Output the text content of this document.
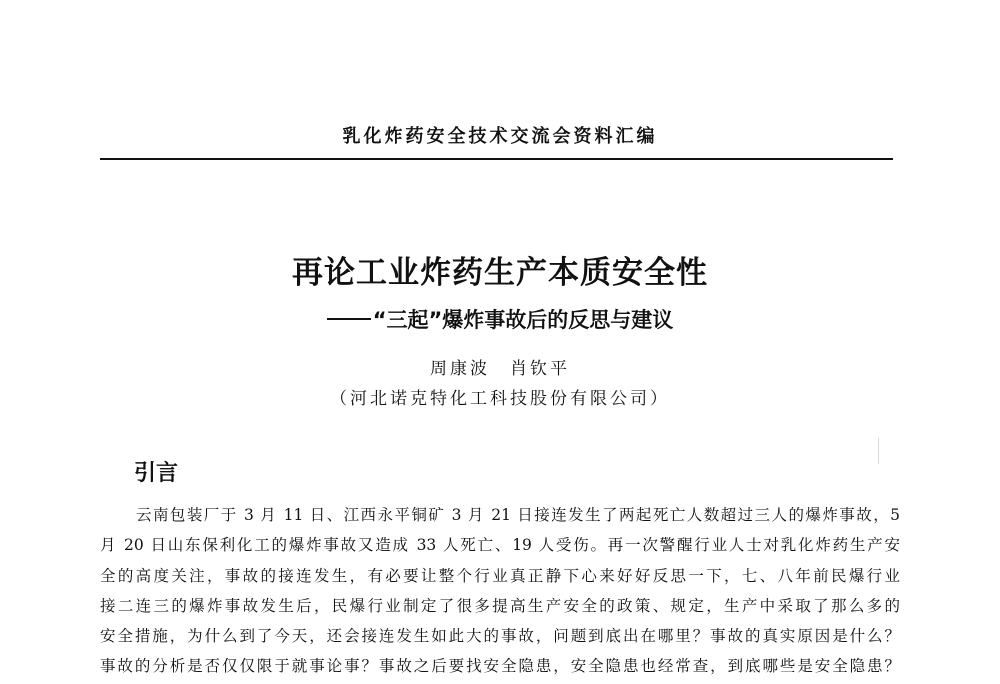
乳化炸药安全技术交流会资料汇编
再论工业炸药生产本质安全性
“三起”爆炸事故后的反思与建议
周康波　肖钦平
（河北诺克特化工科技股份有限公司）
引言
云南包装厂于 3 月 11 日、江西永平铜矿 3 月 21 日接连发生了两起死亡人数超过三人的爆炸事故，5
月 20 日山东保利化工的爆炸事故又造成 33 人死亡、19 人受伤。再一次警醒行业人士对乳化炸药生产安
全的高度关注，事故的接连发生，有必要让整个行业真正静下心来好好反思一下，七、八年前民爆行业
接二连三的爆炸事故发生后，民爆行业制定了很多提高生产安全的政策、规定，生产中采取了那么多的
安全措施，为什么到了今天，还会接连发生如此大的事故，问题到底出在哪里？事故的真实原因是什么？
事故的分析是否仅仅限于就事论事？事故之后要找安全隐患，安全隐患也经常查，到底哪些是安全隐患？
